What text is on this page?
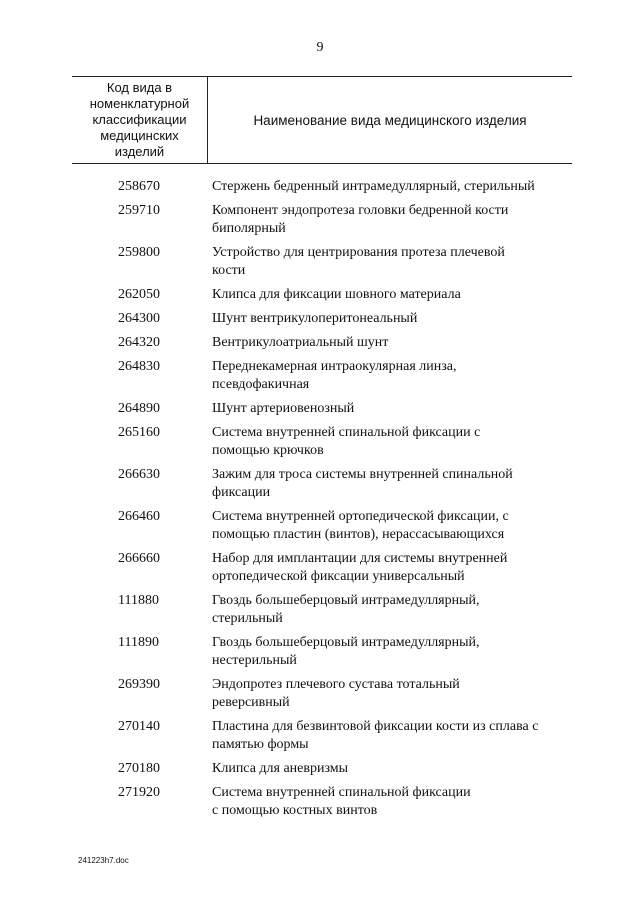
9
Код вида в
номенклатурной
классификации
медицинских
изделий
Наименование вида медицинского изделия
258670	Стержень бедренный интрамедуллярный, стерильный
259710	Компонент эндопротеза головки бедренной кости
биполярный
259800	Устройство для центрирования протеза плечевой
кости
262050	Клипса для фиксации шовного материала
264300	Шунт вентрикулоперитонеальный
264320	Вентрикулоатриальный шунт
264830	Переднекамерная интраокулярная линза,
псевдофакичная
264890	Шунт артериовенозный
265160	Система внутренней спинальной фиксации с
помощью крючков
266630	Зажим для троса системы внутренней спинальной
фиксации
266460	Система внутренней ортопедической фиксации, с
помощью пластин (винтов), нерассасывающихся
266660	Набор для имплантации для системы внутренней
ортопедической фиксации универсальный
111880	Гвоздь большеберцовый интрамедуллярный,
стерильный
111890	Гвоздь большеберцовый интрамедуллярный,
нестерильный
269390	Эндопротез плечевого сустава тотальный
реверсивный
270140	Пластина для безвинтовой фиксации кости из сплава с
памятью формы
270180	Клипса для аневризмы
271920	Система внутренней спинальной фиксации
с помощью костных винтов
241223h7.doc
